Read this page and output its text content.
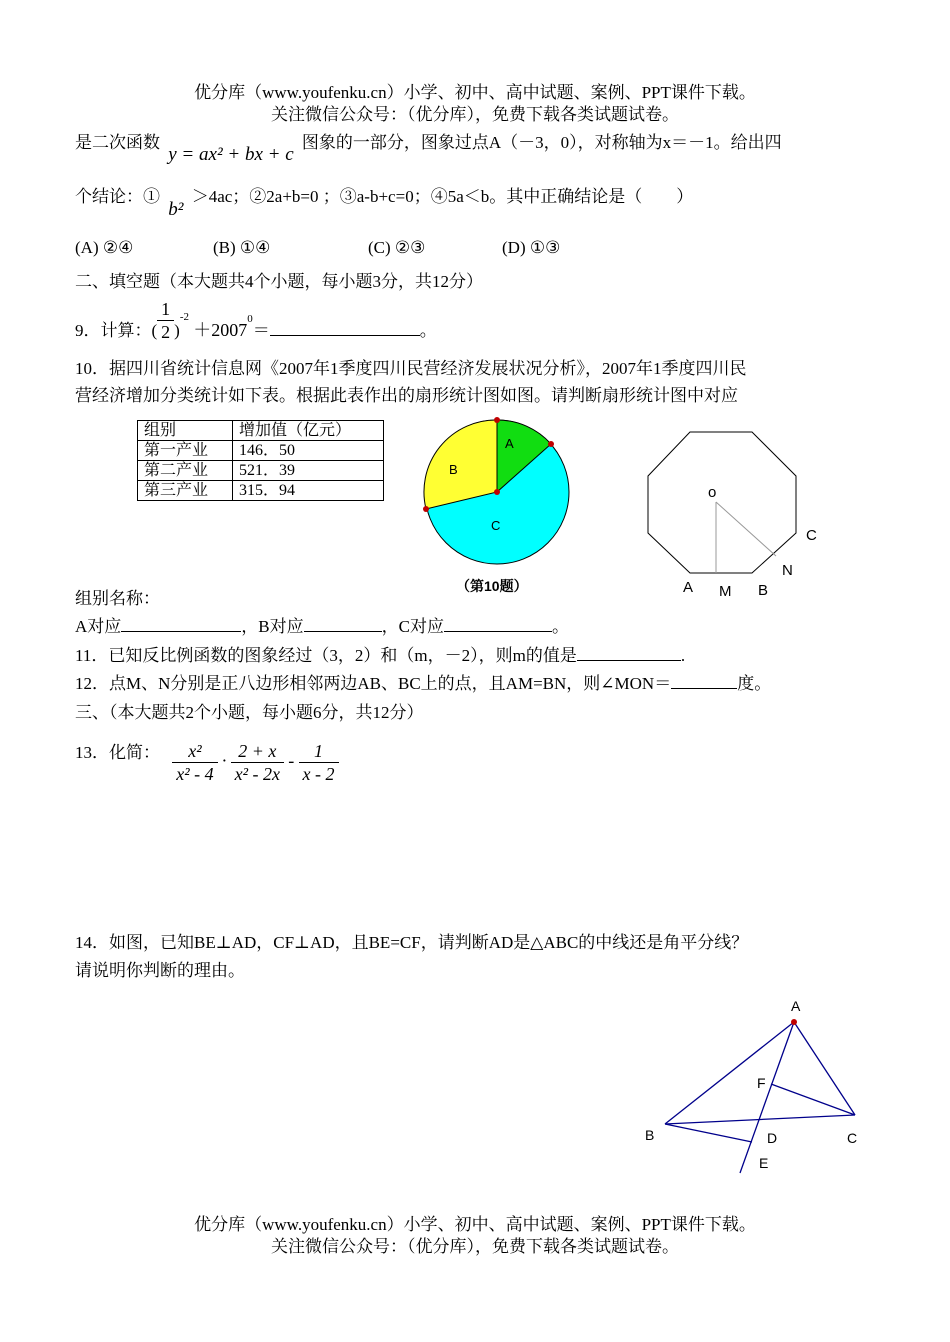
优分库（www.youfenku.cn）小学、初中、高中试题、案例、PPT课件下载。
关注微信公众号：（优分库），免费下载各类试题试卷。
是二次函数 y = ax² + bx + c 图象的一部分，图象过点A（－3，0），对称轴为x＝－1。给出四
个结论：① b² ＞4ac；②2a+b=0 ；③a-b+c=0；④5a＜b。其中正确结论是（　　）
(A) ②④	(B) ①④	(C) ②③	(D) ①③
二、填空题（本大题共4个小题，每小题3分，共12分）
9．计算：( $\frac{1}{2} )^{-2} +2007^0=$	。
10．据四川省统计信息网《2007年1季度四川民营经济发展状况分析》，2007年1季度四川民
营经济增加分类统计如下表。根据此表作出的扇形统计图如图。请判断扇形统计图中对应
组别	增加值（亿元）
第一产业	146．50
第二产业	521．39
第三产业	315．94
A
B
C
（第10题）
o
C
N
A M B
组别名称：
A对应	，B对应	，C对应	。
11．已知反比例函数的图象经过（3，2）和（m，－2），则m的值是	.
12．点M、N分别是正八边形相邻两边AB、BC上的点，且AM=BN，则∠MON＝	度。
三、（本大题共2个小题，每小题6分，共12分）
13．化简： $\frac{\text{x²}}{\text{x² - 4}} \cdot \frac{2 + x}{\text{x² - 2x}} - \frac{1}{x - 2}$
14．如图，已知BE⊥AD，CF⊥AD，且BE=CF，请判断AD是△ABC的中线还是角平分线？
请说明你判断的理由。
A
F
B	D	C
E
优分库（www.youfenku.cn）小学、初中、高中试题、案例、PPT课件下载。
关注微信公众号：（优分库），免费下载各类试题试卷。
